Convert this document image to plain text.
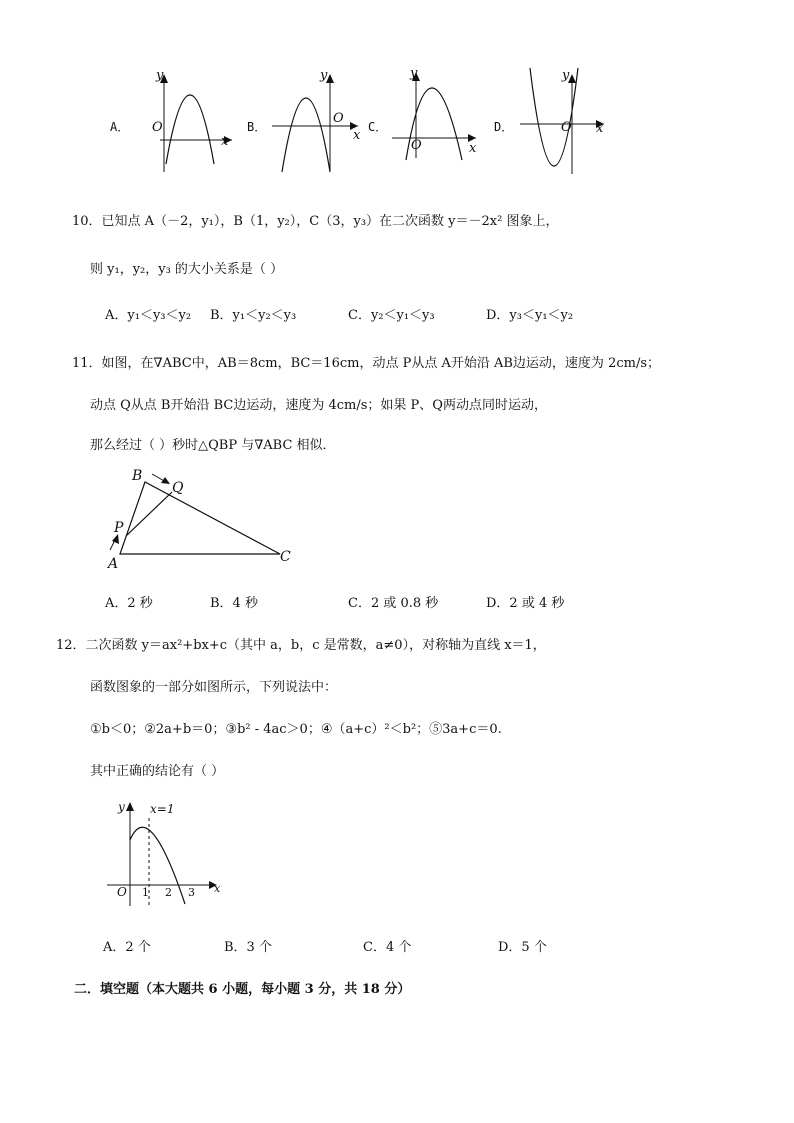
A．
y
x
O	B．
y
x
O
C．
y
x
O
D．
y
x
O
10．已知点 A（－2，y₁），B（1，y₂），C（3，y₃）在二次函数 y＝－2x² 图象上，
则 y₁，y₂，y₃ 的大小关系是（ ）
A．y₁＜y₃＜y₂ B．y₁＜y₂＜y₃	C．y₂＜y₁＜y₃	D．y₃＜y₁＜y₂
11．如图，在∇ABC中，AB＝8cm，BC＝16cm，动点 P从点 A开始沿 AB边运动，速度为 2cm/s；
动点 Q从点 B开始沿 BC边运动，速度为 4cm/s；如果 P、Q两动点同时运动，
那么经过（ ）秒时△QBP 与∇ABC 相似．
B
Q
P
A	C
A．2 秒	B．4 秒	C．2 或 0.8 秒	D．2 或 4 秒
12．二次函数 y＝ax²+bx+c（其中 a，b，c 是常数，a≠0），对称轴为直线 x＝1，
函数图象的一部分如图所示，下列说法中：
①b＜0；②2a+b＝0；③b² - 4ac＞0；④（a+c）²＜b²；⑤3a+c＝0.
其中正确的结论有（ ）
y x=1
O 1 2 3 x
A．2 个	B．3 个	C．4 个	D．5 个
二．填空题（本大题共 6 小题，每小题 3 分，共 18 分）
